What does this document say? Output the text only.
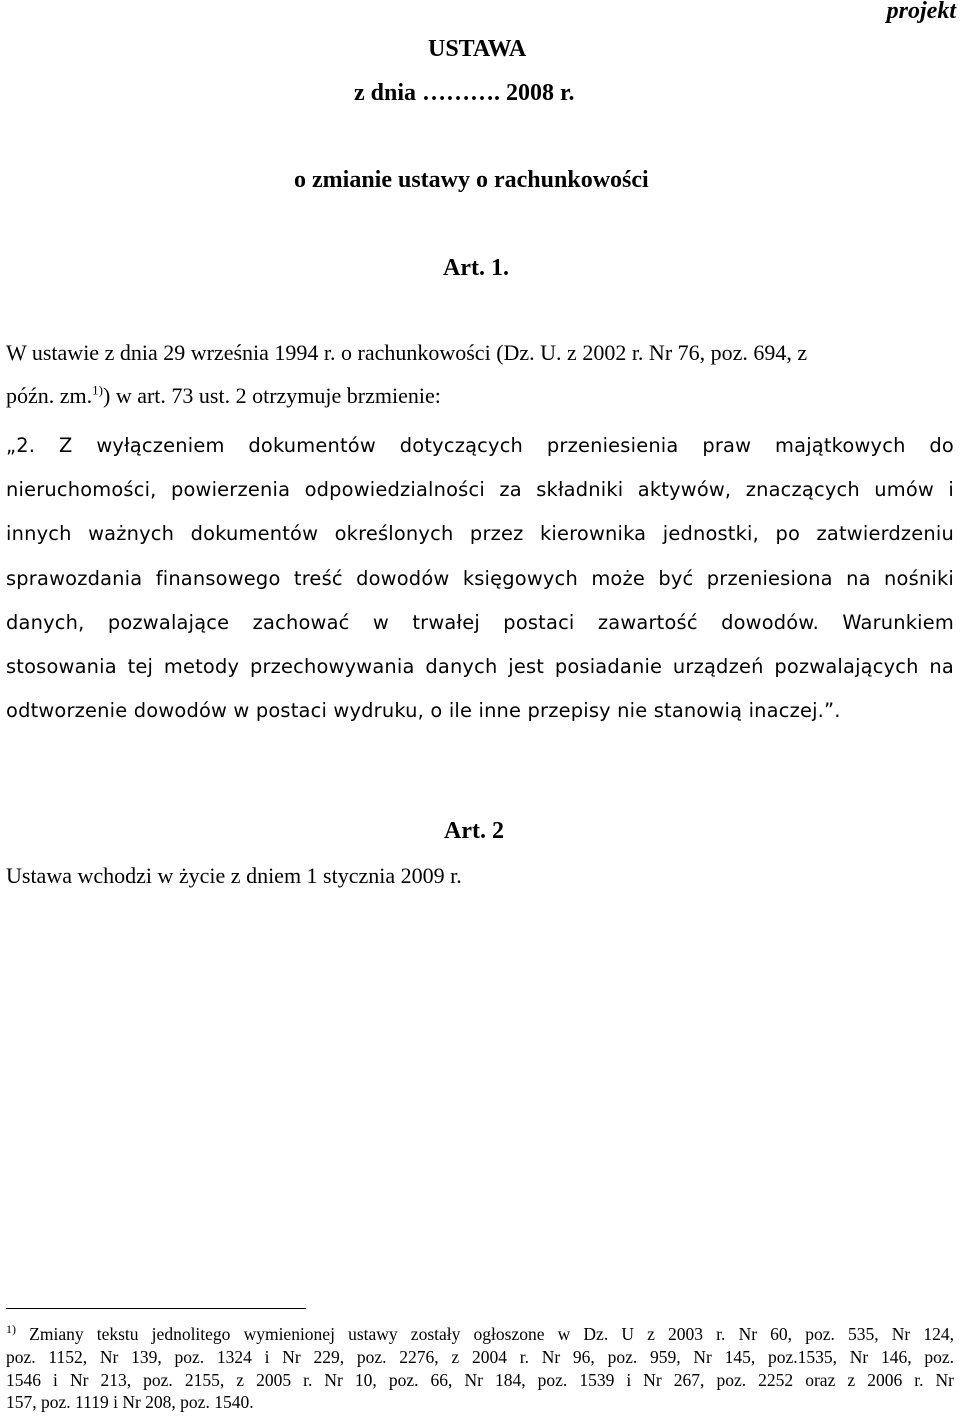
projekt
USTAWA
z dnia ………. 2008 r.
o zmianie ustawy o rachunkowości
Art. 1.
W ustawie z dnia 29 września 1994 r. o rachunkowości (Dz. U. z 2002 r. Nr 76, poz. 694, z
późn. zm.$^{1)}$) w art. 73 ust. 2 otrzymuje brzmienie:
„2. Z wyłączeniem dokumentów dotyczących przeniesienia praw majątkowych do
nieruchomości, powierzenia odpowiedzialności za składniki aktywów, znaczących umów i
innych ważnych dokumentów określonych przez kierownika jednostki, po zatwierdzeniu
sprawozdania finansowego treść dowodów księgowych może być przeniesiona na nośniki
danych, pozwalające zachować w trwałej postaci zawartość dowodów. Warunkiem
stosowania tej metody przechowywania danych jest posiadanie urządzeń pozwalających na
odtworzenie dowodów w postaci wydruku, o ile inne przepisy nie stanowią inaczej.”.
Art. 2
Ustawa wchodzi w życie z dniem 1 stycznia 2009 r.
$^{1)}$ Zmiany tekstu jednolitego wymienionej ustawy zostały ogłoszone w Dz. U z 2003 r. Nr 60, poz. 535, Nr 124,
poz. 1152, Nr 139, poz. 1324 i Nr 229, poz. 2276, z 2004 r. Nr 96, poz. 959, Nr 145, poz.1535, Nr 146, poz.
1546 i Nr 213, poz. 2155, z 2005 r. Nr 10, poz. 66, Nr 184, poz. 1539 i Nr 267, poz. 2252 oraz z 2006 r. Nr
157, poz. 1119 i Nr 208, poz. 1540.
